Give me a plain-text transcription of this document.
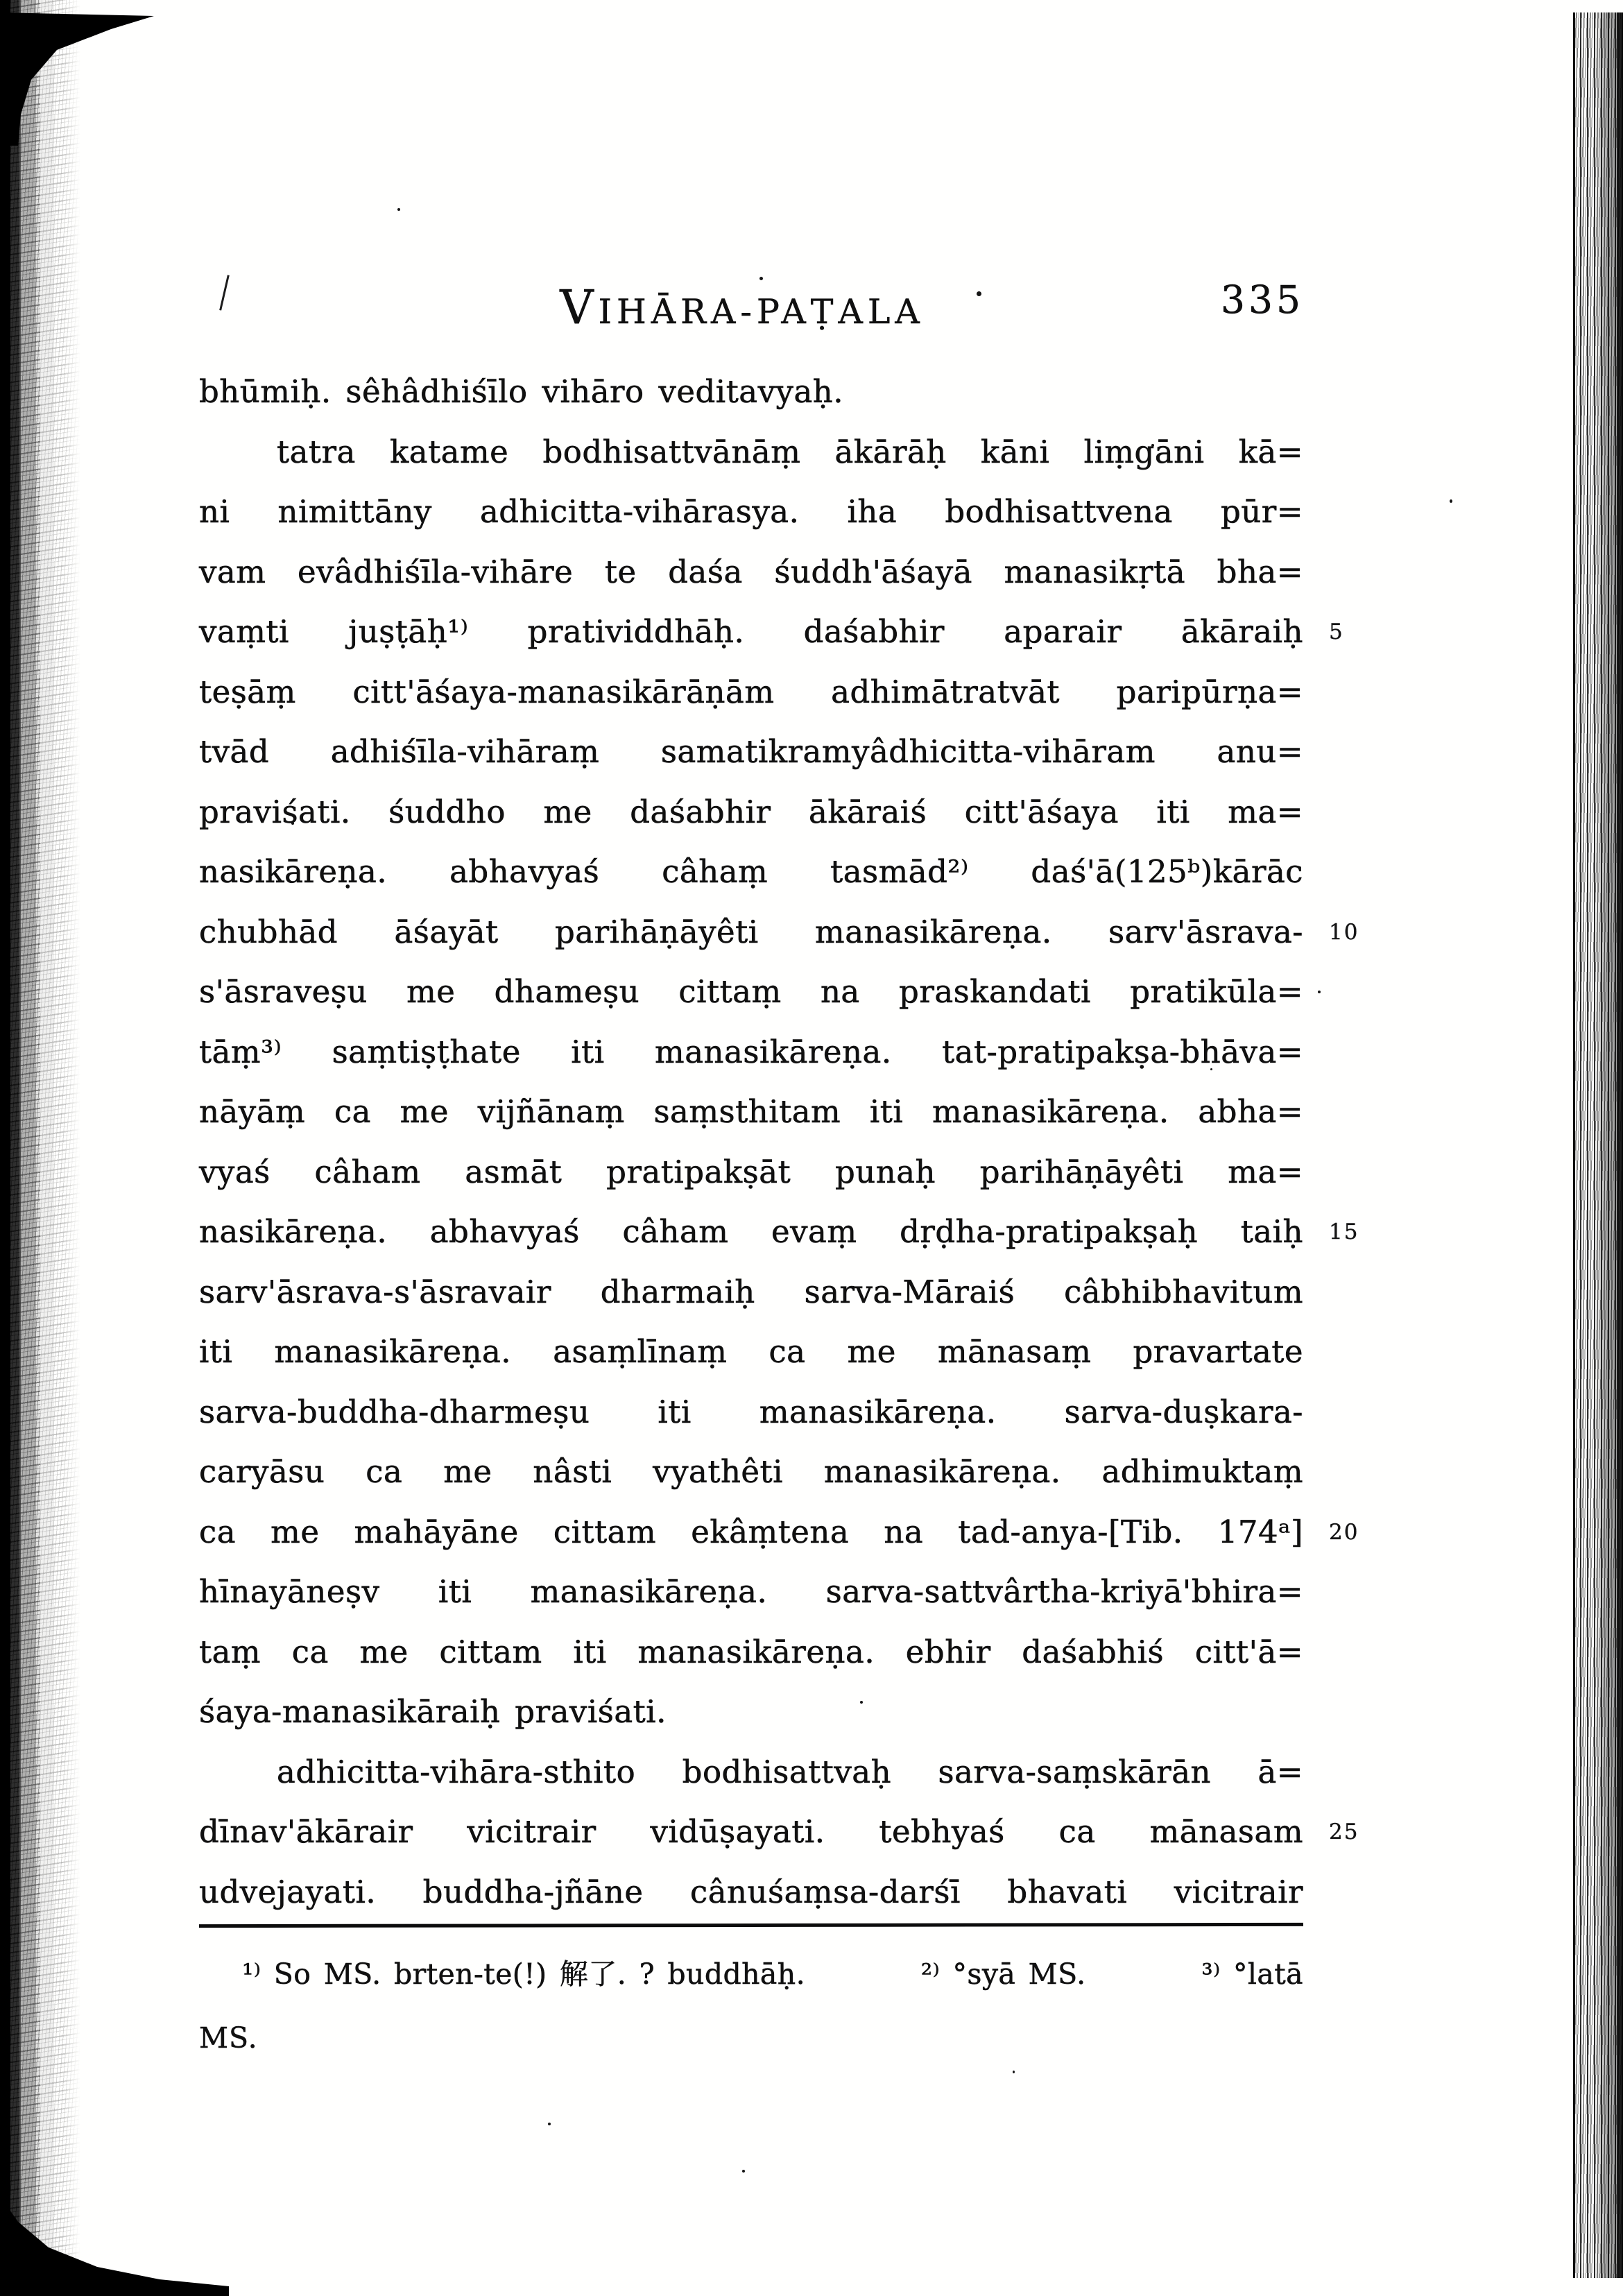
VIHĀRA-PAṬALA	335
bhūmiḥ. sêhâdhiśīlo vihāro veditavyaḥ.
tatra katame bodhisattvānāṃ ākārāḥ kāni liṃgāni kā=
ni nimittāny adhicitta-vihārasya. iha bodhisattvena pūr=
vam evâdhiśīla-vihāre te daśa śuddh'āśayā manasikṛtā bha=
vaṃti juṣṭāḥ¹⁾ pratividdhāḥ. daśabhir aparair ākāraiḥ
teṣāṃ citt'āśaya-manasikārāṇām adhimātratvāt paripūrṇa=
tvād adhiśīla-vihāraṃ samatikramyâdhicitta-vihāram anu=
praviśati. śuddho me daśabhir ākāraiś citt'āśaya iti ma=
nasikāreṇa. abhavyaś câhaṃ tasmād²⁾ daś'ā(125ᵇ)kārāc
chubhād āśayāt parihāṇāyêti manasikāreṇa. sarv'āsrava-
s'āsraveṣu me dhameṣu cittaṃ na praskandati pratikūla=
tāṃ³⁾ saṃtiṣṭhate iti manasikāreṇa. tat-pratipakṣa-bhāva=
nāyāṃ ca me vijñānaṃ saṃsthitam iti manasikāreṇa. abha=
vyaś câham asmāt pratipakṣāt punaḥ parihāṇāyêti ma=
nasikāreṇa. abhavyaś câham evaṃ dṛḍha-pratipakṣaḥ taiḥ
sarv'āsrava-s'āsravair dharmaiḥ sarva-Māraiś câbhibhavitum
iti manasikāreṇa. asaṃlīnaṃ ca me mānasaṃ pravartate
sarva-buddha-dharmeṣu iti manasikāreṇa. sarva-duṣkara-
caryāsu ca me nâsti vyathêti manasikāreṇa. adhimuktaṃ
ca me mahāyāne cittam ekâṃtena na tad-anya-[Tib. 174ᵃ]
hīnayāneṣv iti manasikāreṇa. sarva-sattvârtha-kriyā'bhira=
taṃ ca me cittam iti manasikāreṇa. ebhir daśabhiś citt'ā=
śaya-manasikāraiḥ praviśati.
adhicitta-vihāra-sthito bodhisattvaḥ sarva-saṃskārān ā=
dīnav'ākārair vicitrair vidūṣayati. tebhyaś ca mānasam
udvejayati. buddha-jñāne cânuśaṃsa-darśī bhavati vicitrair
5
10
15
20
25
¹⁾ So MS. brten-te(!) 解了. ? buddhāḥ.	²⁾ °syā MS.	³⁾ °latā
MS.
